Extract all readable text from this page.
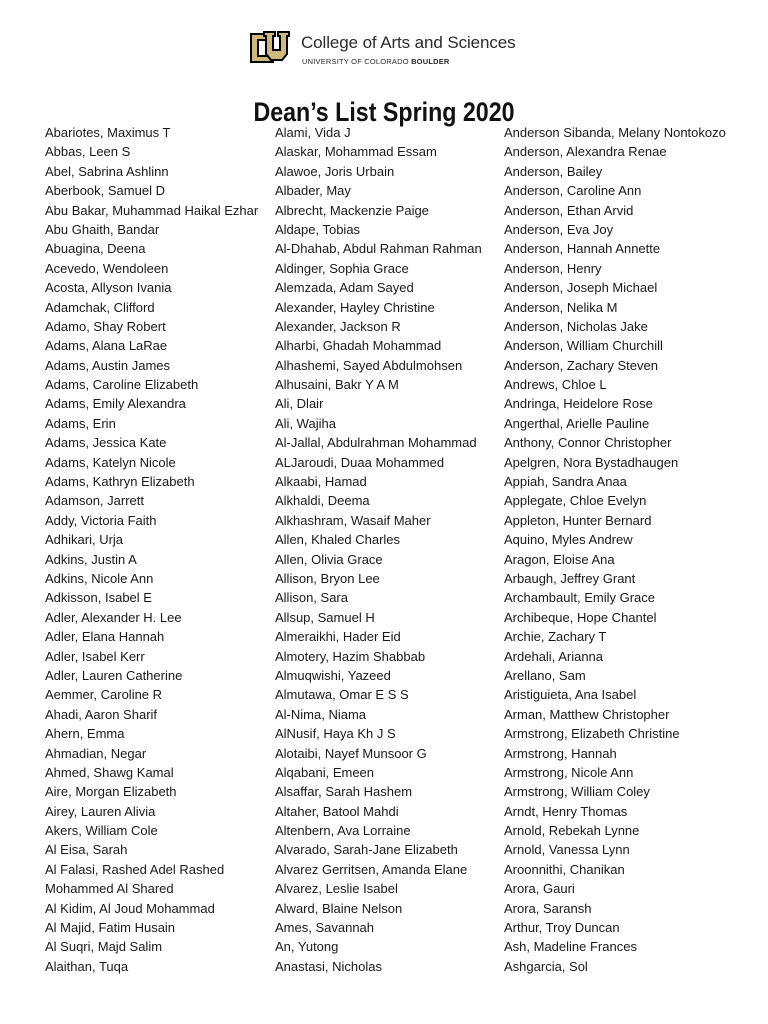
College of Arts and Sciences
UNIVERSITY OF COLORADO BOULDER
Dean’s List Spring 2020
Abariotes, Maximus T
Abbas, Leen S
Abel, Sabrina Ashlinn
Aberbook, Samuel D
Abu Bakar, Muhammad Haikal Ezhar
Abu Ghaith, Bandar
Abuagina, Deena
Acevedo, Wendoleen
Acosta, Allyson Ivania
Adamchak, Clifford
Adamo, Shay Robert
Adams, Alana LaRae
Adams, Austin James
Adams, Caroline Elizabeth
Adams, Emily Alexandra
Adams, Erin
Adams, Jessica Kate
Adams, Katelyn Nicole
Adams, Kathryn Elizabeth
Adamson, Jarrett
Addy, Victoria Faith
Adhikari, Urja
Adkins, Justin A
Adkins, Nicole Ann
Adkisson, Isabel E
Adler, Alexander H. Lee
Adler, Elana Hannah
Adler, Isabel Kerr
Adler, Lauren Catherine
Aemmer, Caroline R
Ahadi, Aaron Sharif
Ahern, Emma
Ahmadian, Negar
Ahmed, Shawg Kamal
Aire, Morgan Elizabeth
Airey, Lauren Alivia
Akers, William Cole
Al Eisa, Sarah
Al Falasi, Rashed Adel Rashed
Mohammed Al Shared
Al Kidim, Al Joud Mohammad
Al Majid, Fatim Husain
Al Suqri, Majd Salim
Alaithan, Tuqa
Alami, Vida J
Alaskar, Mohammad Essam
Alawoe, Joris Urbain
Albader, May
Albrecht, Mackenzie Paige
Aldape, Tobias
Al-Dhahab, Abdul Rahman Rahman
Aldinger, Sophia Grace
Alemzada, Adam Sayed
Alexander, Hayley Christine
Alexander, Jackson R
Alharbi, Ghadah Mohammad
Alhashemi, Sayed Abdulmohsen
Alhusaini, Bakr Y A M
Ali, Dlair
Ali, Wajiha
Al-Jallal, Abdulrahman Mohammad
ALJaroudi, Duaa Mohammed
Alkaabi, Hamad
Alkhaldi, Deema
Alkhashram, Wasaif Maher
Allen, Khaled Charles
Allen, Olivia Grace
Allison, Bryon Lee
Allison, Sara
Allsup, Samuel H
Almeraikhi, Hader Eid
Almotery, Hazim Shabbab
Almuqwishi, Yazeed
Almutawa, Omar E S S
Al-Nima, Niama
AlNusif, Haya Kh J S
Alotaibi, Nayef Munsoor G
Alqabani, Emeen
Alsaffar, Sarah Hashem
Altaher, Batool Mahdi
Altenbern, Ava Lorraine
Alvarado, Sarah-Jane Elizabeth
Alvarez Gerritsen, Amanda Elane
Alvarez, Leslie Isabel
Alward, Blaine Nelson
Ames, Savannah
An, Yutong
Anastasi, Nicholas
Anderson Sibanda, Melany Nontokozo
Anderson, Alexandra Renae
Anderson, Bailey
Anderson, Caroline Ann
Anderson, Ethan Arvid
Anderson, Eva Joy
Anderson, Hannah Annette
Anderson, Henry
Anderson, Joseph Michael
Anderson, Nelika M
Anderson, Nicholas Jake
Anderson, William Churchill
Anderson, Zachary Steven
Andrews, Chloe L
Andringa, Heidelore Rose
Angerthal, Arielle Pauline
Anthony, Connor Christopher
Apelgren, Nora Bystadhaugen
Appiah, Sandra Anaa
Applegate, Chloe Evelyn
Appleton, Hunter Bernard
Aquino, Myles Andrew
Aragon, Eloise Ana
Arbaugh, Jeffrey Grant
Archambault, Emily Grace
Archibeque, Hope Chantel
Archie, Zachary T
Ardehali, Arianna
Arellano, Sam
Aristiguieta, Ana Isabel
Arman, Matthew Christopher
Armstrong, Elizabeth Christine
Armstrong, Hannah
Armstrong, Nicole Ann
Armstrong, William Coley
Arndt, Henry Thomas
Arnold, Rebekah Lynne
Arnold, Vanessa Lynn
Aroonnithi, Chanikan
Arora, Gauri
Arora, Saransh
Arthur, Troy Duncan
Ash, Madeline Frances
Ashgarcia, Sol
